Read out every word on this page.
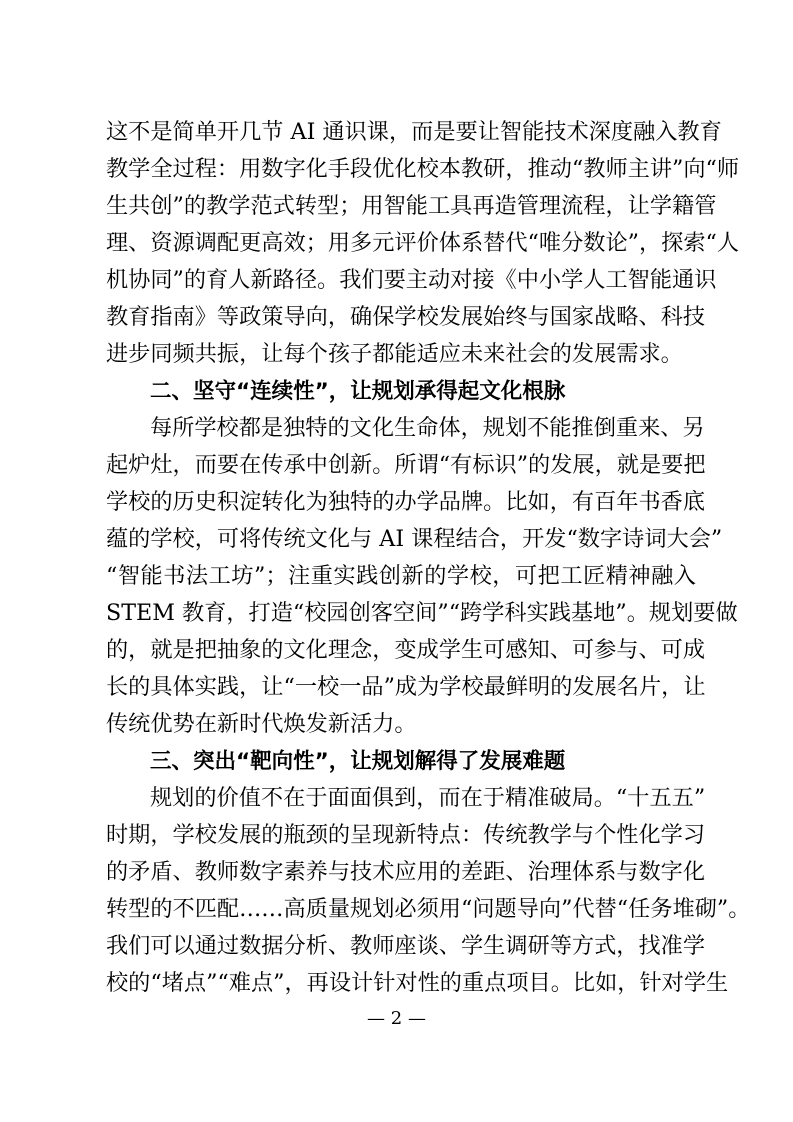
这不是简单开几节 AI 通识课，而是要让智能技术深度融入教育
教学全过程：用数字化手段优化校本教研，推动“教师主讲”向“师
生共创”的教学范式转型；用智能工具再造管理流程，让学籍管
理、资源调配更高效；用多元评价体系替代“唯分数论”，探索“人
机协同”的育人新路径。我们要主动对接《中小学人工智能通识
教育指南》等政策导向，确保学校发展始终与国家战略、科技
进步同频共振，让每个孩子都能适应未来社会的发展需求。
二、坚守“连续性”，让规划承得起文化根脉
每所学校都是独特的文化生命体，规划不能推倒重来、另
起炉灶，而要在传承中创新。所谓“有标识”的发展，就是要把
学校的历史积淀转化为独特的办学品牌。比如，有百年书香底
蕴的学校，可将传统文化与 AI 课程结合，开发“数字诗词大会”
“智能书法工坊”；注重实践创新的学校，可把工匠精神融入
STEM 教育，打造“校园创客空间”“跨学科实践基地”。规划要做
的，就是把抽象的文化理念，变成学生可感知、可参与、可成
长的具体实践，让“一校一品”成为学校最鲜明的发展名片，让
传统优势在新时代焕发新活力。
三、突出“靶向性”，让规划解得了发展难题
规划的价值不在于面面俱到，而在于精准破局。“十五五”
时期，学校发展的瓶颈的呈现新特点：传统教学与个性化学习
的矛盾、教师数字素养与技术应用的差距、治理体系与数字化
转型的不匹配……高质量规划必须用“问题导向”代替“任务堆砌”。
我们可以通过数据分析、教师座谈、学生调研等方式，找准学
校的“堵点”“难点”，再设计针对性的重点项目。比如，针对学生
— 2 —
